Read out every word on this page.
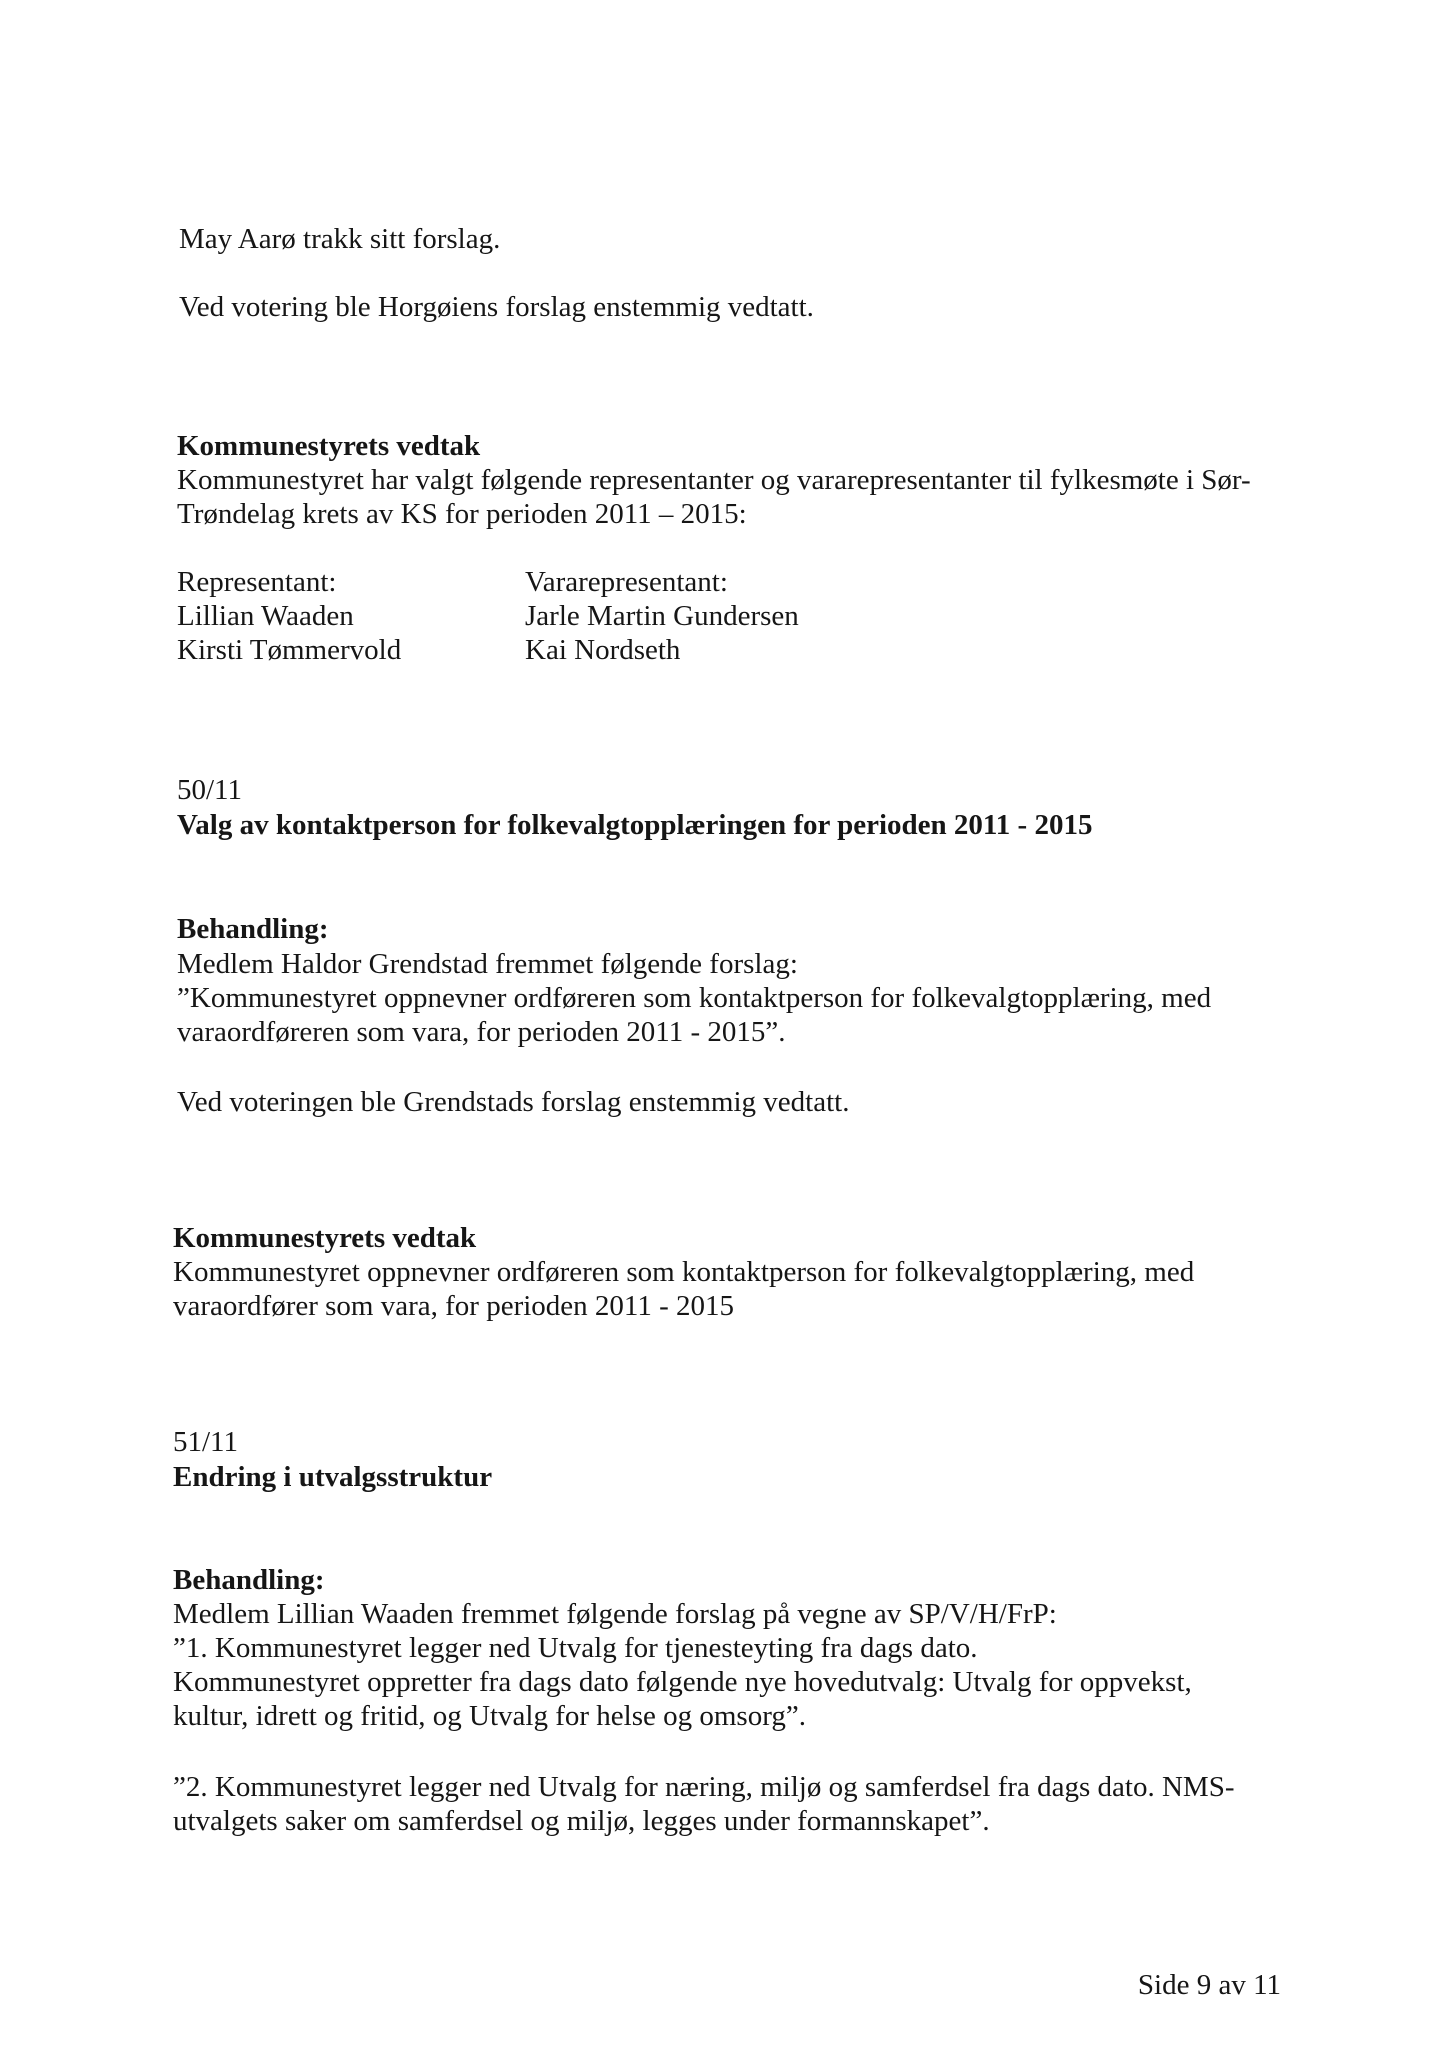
May Aarø trakk sitt forslag.
Ved votering ble Horgøiens forslag enstemmig vedtatt.
Kommunestyrets vedtak
Kommunestyret har valgt følgende representanter og vararepresentanter til fylkesmøte i Sør-
Trøndelag krets av KS for perioden 2011 – 2015:
Representant:	Vararepresentant:
Lillian Waaden	Jarle Martin Gundersen
Kirsti Tømmervold	Kai Nordseth
50/11
Valg av kontaktperson for folkevalgtopplæringen for perioden 2011 - 2015
Behandling:
Medlem Haldor Grendstad fremmet følgende forslag:
”Kommunestyret oppnevner ordføreren som kontaktperson for folkevalgtopplæring, med
varaordføreren som vara, for perioden 2011 - 2015”.
Ved voteringen ble Grendstads forslag enstemmig vedtatt.
Kommunestyrets vedtak
Kommunestyret oppnevner ordføreren som kontaktperson for folkevalgtopplæring, med
varaordfører som vara, for perioden 2011 - 2015
51/11
Endring i utvalgsstruktur
Behandling:
Medlem Lillian Waaden fremmet følgende forslag på vegne av SP/V/H/FrP:
”1. Kommunestyret legger ned Utvalg for tjenesteyting fra dags dato.
Kommunestyret oppretter fra dags dato følgende nye hovedutvalg: Utvalg for oppvekst,
kultur, idrett og fritid, og Utvalg for helse og omsorg”.
”2. Kommunestyret legger ned Utvalg for næring, miljø og samferdsel fra dags dato. NMS-
utvalgets saker om samferdsel og miljø, legges under formannskapet”.
Side 9 av 11
